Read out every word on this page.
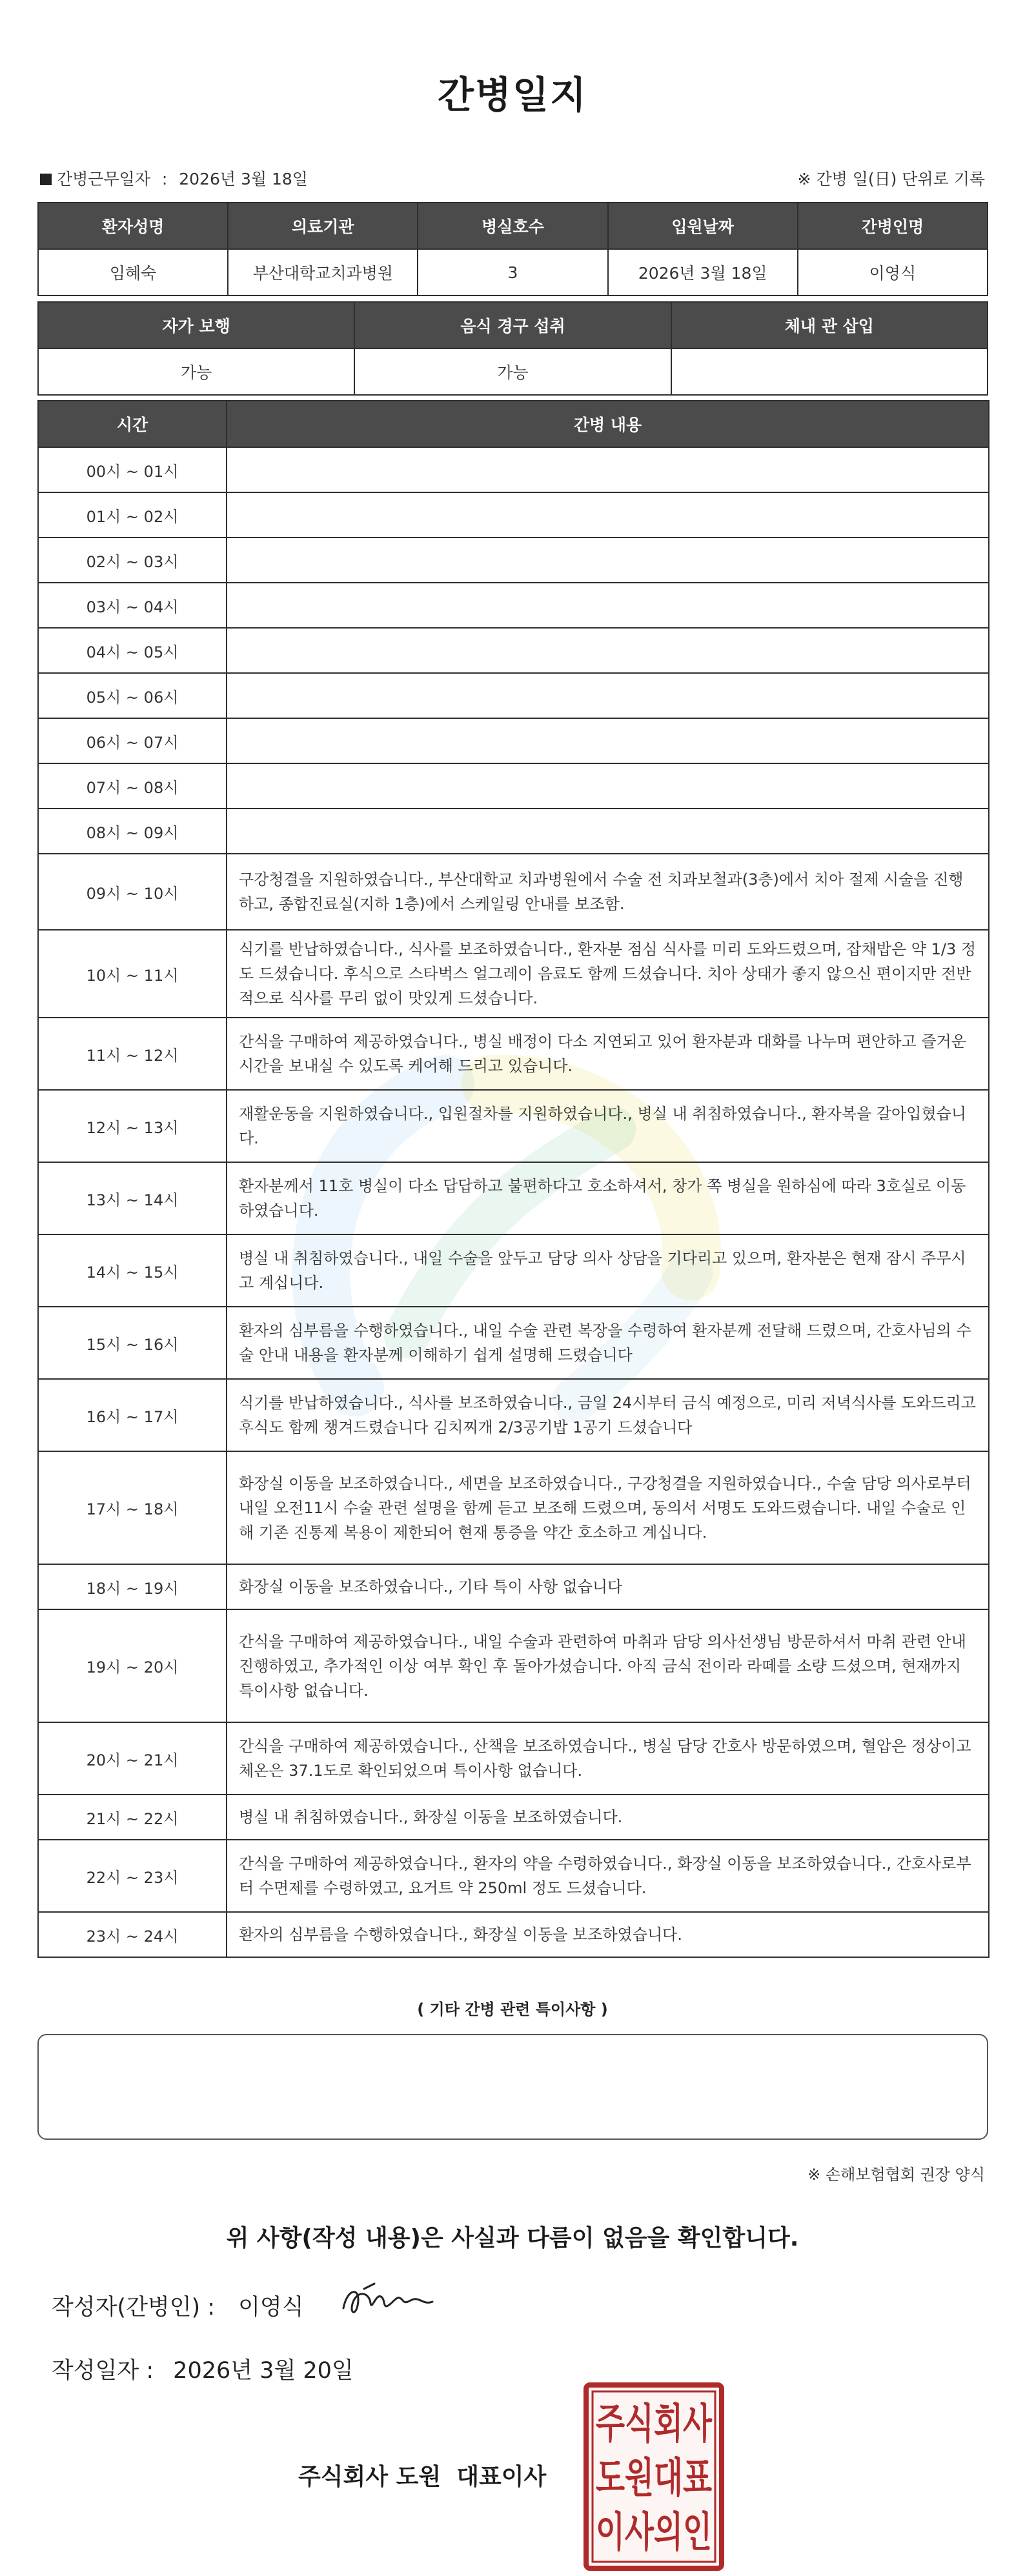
간병일지
간병근무일자 : 2026년 3월 18일	※ 간병 일(日) 단위로 기록
환자성명	의료기관	병실호수	입원날짜	간병인명
임혜숙	부산대학교치과병원	3	2026년 3월 18일	이영식
자가 보행	음식 경구 섭취	체내 관 삽입
가능	가능	
시간	간병 내용
00시 ~ 01시	
01시 ~ 02시	
02시 ~ 03시	
03시 ~ 04시	
04시 ~ 05시	
05시 ~ 06시	
06시 ~ 07시	
07시 ~ 08시	
08시 ~ 09시	
09시 ~ 10시	구강청결을 지원하였습니다., 부산대학교 치과병원에서 수술 전 치과보철과(3층)에서 치아 절제 시술을 진행하고, 종합진료실(지하 1층)에서 스케일링 안내를 보조함.
10시 ~ 11시	식기를 반납하였습니다., 식사를 보조하였습니다., 환자분 점심 식사를 미리 도와드렸으며, 잡채밥은 약 1/3 정도 드셨습니다. 후식으로 스타벅스 얼그레이 음료도 함께 드셨습니다. 치아 상태가 좋지 않으신 편이지만 전반적으로 식사를 무리 없이 맛있게 드셨습니다.
11시 ~ 12시	간식을 구매하여 제공하였습니다., 병실 배정이 다소 지연되고 있어 환자분과 대화를 나누며 편안하고 즐거운 시간을 보내실 수 있도록 케어해 드리고 있습니다.
12시 ~ 13시	재활운동을 지원하였습니다., 입원절차를 지원하였습니다., 병실 내 취침하였습니다., 환자복을 갈아입혔습니다.
13시 ~ 14시	환자분께서 11호 병실이 다소 답답하고 불편하다고 호소하셔서, 창가 쪽 병실을 원하심에 따라 3호실로 이동하였습니다.
14시 ~ 15시	병실 내 취침하였습니다., 내일 수술을 앞두고 담당 의사 상담을 기다리고 있으며, 환자분은 현재 잠시 주무시고 계십니다.
15시 ~ 16시	환자의 심부름을 수행하였습니다., 내일 수술 관련 복장을 수령하여 환자분께 전달해 드렸으며, 간호사님의 수술 안내 내용을 환자분께 이해하기 쉽게 설명해 드렸습니다
16시 ~ 17시	식기를 반납하였습니다., 식사를 보조하였습니다., 금일 24시부터 금식 예정으로, 미리 저녁식사를 도와드리고 후식도 함께 챙겨드렸습니다 김치찌개 2/3공기밥 1공기 드셨습니다
17시 ~ 18시	화장실 이동을 보조하였습니다., 세면을 보조하였습니다., 구강청결을 지원하였습니다., 수술 담당 의사로부터 내일 오전11시 수술 관련 설명을 함께 듣고 보조해 드렸으며, 동의서 서명도 도와드렸습니다. 내일 수술로 인해 기존 진통제 복용이 제한되어 현재 통증을 약간 호소하고 계십니다.
18시 ~ 19시	화장실 이동을 보조하였습니다., 기타 특이 사항 없습니다
19시 ~ 20시	간식을 구매하여 제공하였습니다., 내일 수술과 관련하여 마취과 담당 의사선생님 방문하셔서 마취 관련 안내 진행하였고, 추가적인 이상 여부 확인 후 돌아가셨습니다. 아직 금식 전이라 라떼를 소량 드셨으며, 현재까지 특이사항 없습니다.
20시 ~ 21시	간식을 구매하여 제공하였습니다., 산책을 보조하였습니다., 병실 담당 간호사 방문하였으며, 혈압은 정상이고 체온은 37.1도로 확인되었으며 특이사항 없습니다.
21시 ~ 22시	병실 내 취침하였습니다., 화장실 이동을 보조하였습니다.
22시 ~ 23시	간식을 구매하여 제공하였습니다., 환자의 약을 수령하였습니다., 화장실 이동을 보조하였습니다., 간호사로부터 수면제를 수령하였고, 요거트 약 250ml 정도 드셨습니다.
23시 ~ 24시	환자의 심부름을 수행하였습니다., 화장실 이동을 보조하였습니다.
( 기타 간병 관련 특이사항 )
※ 손해보험협회 권장 양식
위 사항(작성 내용)은 사실과 다름이 없음을 확인합니다.
작성자(간병인) : 이영식
작성일자 : 2026년 3월 20일
주식회사 도원 대표이사
주식회사
도원대표
이사의인
